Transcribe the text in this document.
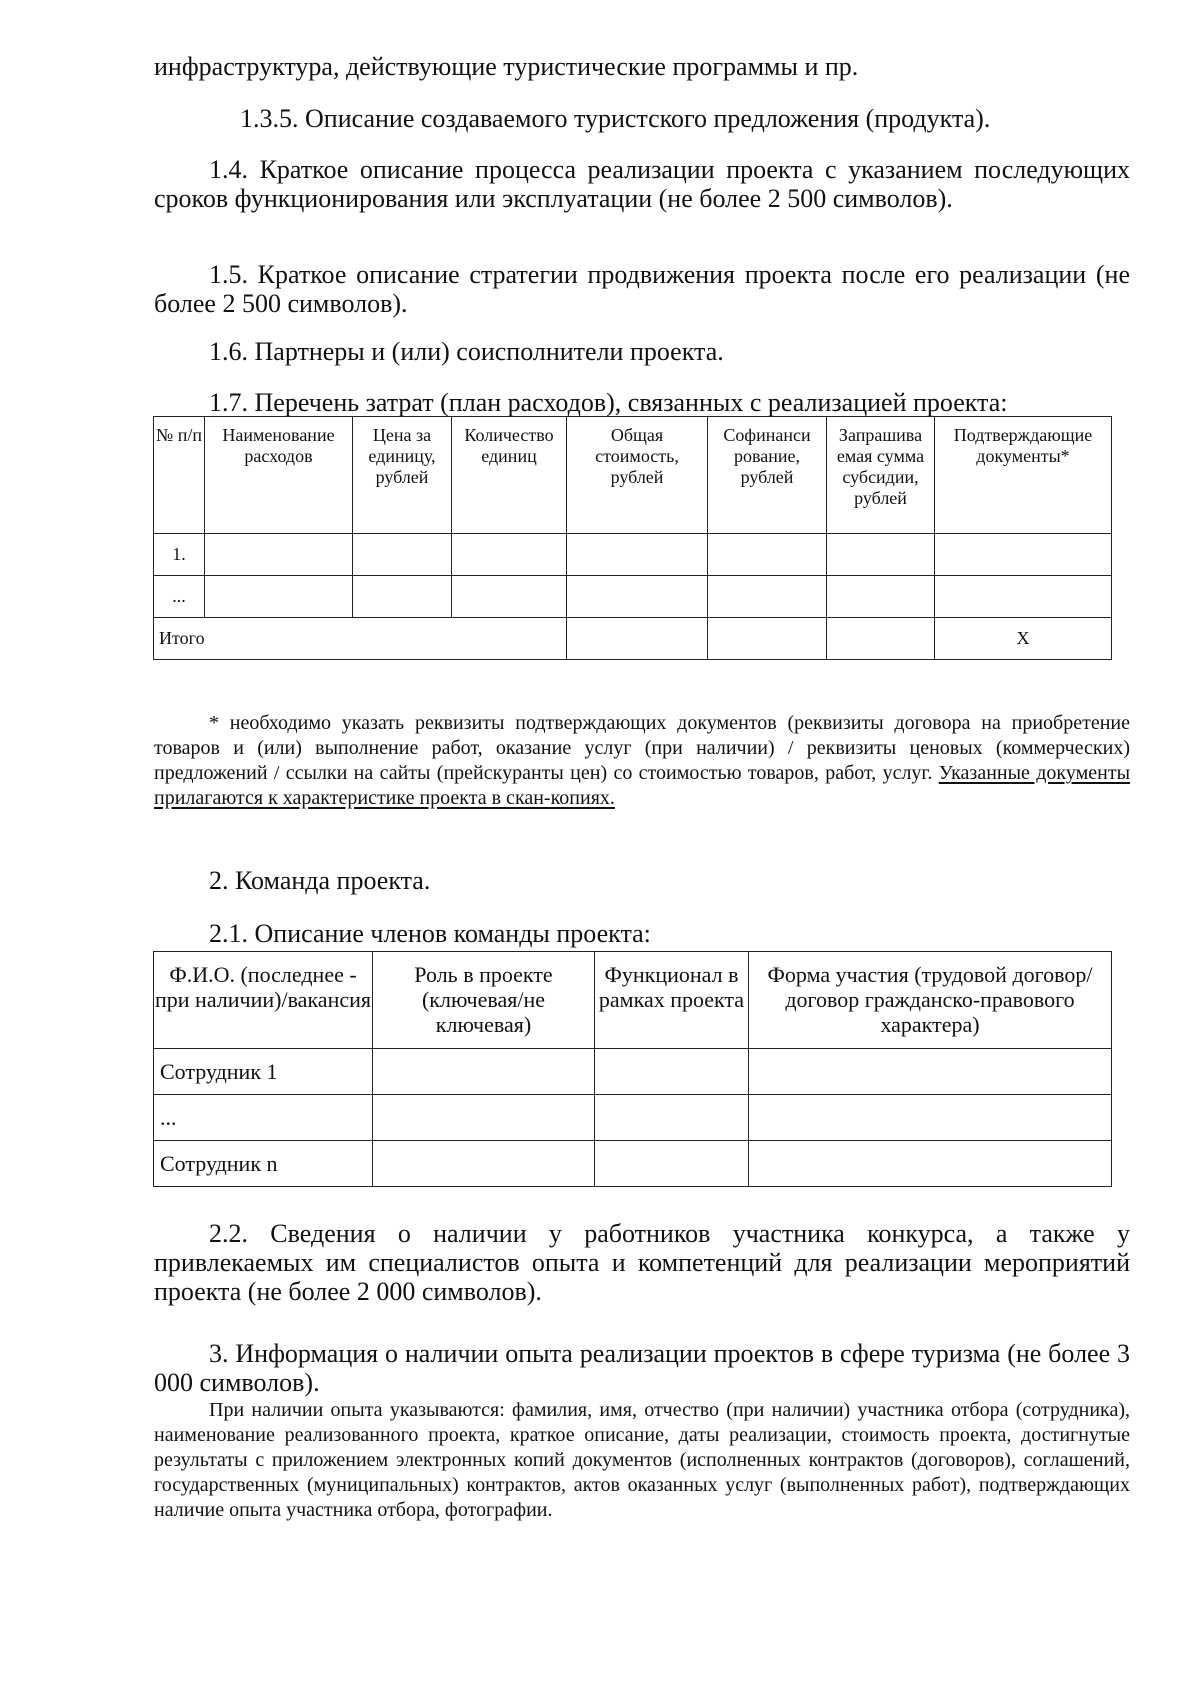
инфраструктура, действующие туристические программы и пр.

1.3.5. Описание создаваемого туристского предложения (продукта).

1.4. Краткое описание процесса реализации проекта с указанием последующих сроков функционирования или эксплуатации (не более 2 500 символов).

1.5. Краткое описание стратегии продвижения проекта после его реализации (не более 2 500 символов).

1.6. Партнеры и (или) соисполнители проекта.

1.7. Перечень затрат (план расходов), связанных с реализацией проекта:

№ п/п	Наименование расходов	Цена за единицу, рублей	Количество единиц	Общая стоимость, рублей	Софинанси рование, рублей	Запрашива емая сумма субсидии, рублей	Подтверждающие документы*
1.							
...							
Итого							Х

* необходимо указать реквизиты подтверждающих документов (реквизиты договора на приобретение товаров и (или) выполнение работ, оказание услуг (при наличии) / реквизиты ценовых (коммерческих) предложений / ссылки на сайты (прейскуранты цен) со стоимостью товаров, работ, услуг. Указанные документы прилагаются к характеристике проекта в скан-копиях.

2. Команда проекта.

2.1. Описание членов команды проекта:

Ф.И.О. (последнее - при наличии)/вакансия	Роль в проекте (ключевая/не ключевая)	Функционал в рамках проекта	Форма участия (трудовой договор/договор гражданско-правового характера)
Сотрудник 1			
...			
Сотрудник n			

2.2. Сведения о наличии у работников участника конкурса, а также у привлекаемых им специалистов опыта и компетенций для реализации мероприятий проекта (не более 2 000 символов).

3. Информация о наличии опыта реализации проектов в сфере туризма (не более 3 000 символов).

При наличии опыта указываются: фамилия, имя, отчество (при наличии) участника отбора (сотрудника), наименование реализованного проекта, краткое описание, даты реализации, стоимость проекта, достигнутые результаты с приложением электронных копий документов (исполненных контрактов (договоров), соглашений, государственных (муниципальных) контрактов, актов оказанных услуг (выполненных работ), подтверждающих наличие опыта участника отбора, фотографии.
